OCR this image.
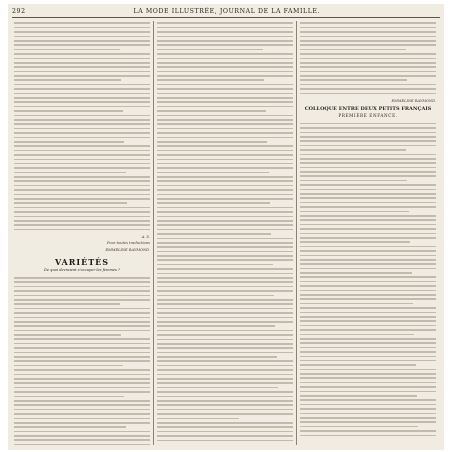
292	LA MODE ILLUSTRÉE, JOURNAL DE LA FAMILLE.
A. S.
Pour toutes traductions
EMMELINE RAYMOND.
VARIÉTÉS
De quoi devraient s'occuper les femmes ?
EMMELINE RAYMOND.
COLLOQUE ENTRE DEUX PETITS FRANÇAIS
PREMIÈRE ENFANCE.
